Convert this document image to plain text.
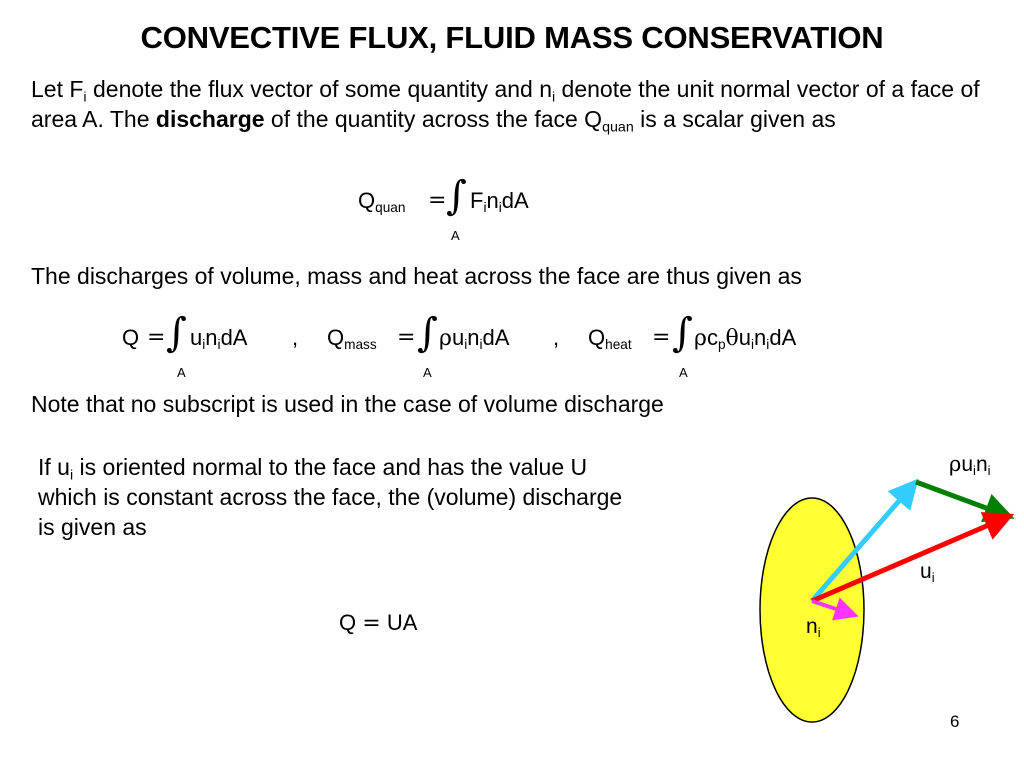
CONVECTIVE FLUX, FLUID MASS CONSERVATION
Let $F_i$ denote the flux vector of some quantity and $n_i$ denote the unit normal vector of a face of area A. The discharge of the quantity across the face $Q_{quan}$ is a scalar given as
$Q_{quan}$ = ∫
A
$F_in_idA$
The discharges of volume, mass and heat across the face are thus given as
Q = ∫
A
$u_in_idA$ , $Q_{mass}$ = ∫
A
$\rho u_in_idA$ , $Q_{heat}$ = ∫
A
$\rho c_p\theta u_in_idA$
Note that no subscript is used in the case of volume discharge
If $u_i$ is oriented normal to the face and has the value U which is constant across the face, the (volume) discharge is given as
Q = UA
$\rho u_in_i$
$u_i$
$n_i$
6
